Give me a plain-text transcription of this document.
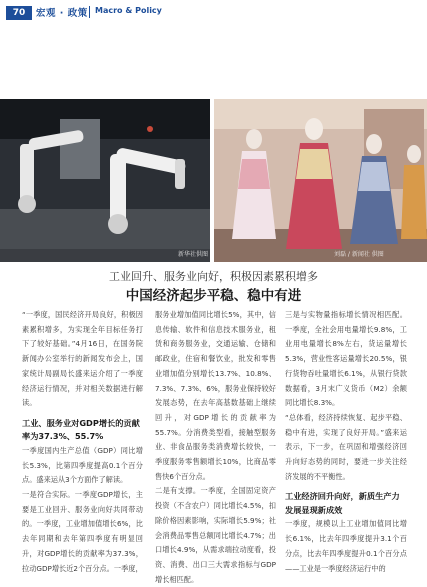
70	宏观 · 政策 Macro & Policy
新华社供图	刘磊 / 新闻社 供图
工业回升、服务业向好，积极因素累积增多
中国经济起步平稳、稳中有进

“一季度，国民经济开局良好，积极因素累积增多，为实现全年目标任务打下了较好基础。”4月16日，在国务院新闻办公室举行的新闻发布会上，国家统计局副局长盛来运介绍了一季度经济运行情况，并对相关数据进行解读。

工业、服务业对GDP增长的贡献率为37.3%、55.7%

一季度国内生产总值（GDP）同比增长5.3%，比第四季度提高0.1个百分点。盛来运从3个方面作了解读。

一是符合实际。一季度GDP增长，主要是工业回升、服务业向好共同带动的。一季度，工业增加值增长6%，比去年同期和去年第四季度有明显回升，对GDP增长的贡献率为37.3%，拉动GDP增长近2个百分点。一季度，

服务业增加值同比增长5%，其中，信息传输、软件和信息技术服务业，租赁和商务服务业，交通运输、仓储和邮政业，住宿和餐饮业，批发和零售业增加值分别增长13.7%、10.8%、7.3%、7.3%、6%，服务业保持较好发展态势，在去年高基数基础上继续回升，对GDP增长的贡献率为55.7%。分消费类型看，接触型服务业、非食品服务类消费增长较快，一季度服务零售额增长10%，比商品零售快6个百分点。

二是有支撑。一季度，全国固定资产投资（不含农户）同比增长4.5%，扣除价格因素影响，实际增长5.9%；社会消费品零售总额同比增长4.7%；出口增长4.9%，从需求端拉动度看，投资、消费、出口三大需求指标与GDP增长相匹配。

三是与实物量指标增长情况相匹配。一季度，全社会用电量增长9.8%，工业用电量增长8%左右，货运量增长5.3%，营业性客运量增长20.5%，银行货物吞吐量增长6.1%，从银行贷款数据看，3月末广义货币（M2）余额同比增长8.3%。

“总体看，经济持续恢复、起步平稳、稳中有进，实现了良好开局。”盛来运表示，下一步，在巩固和增强经济回升向好态势的同时，要进一步关注经济发展的不平衡性。

工业经济回升向好，新质生产力发展显现新成效

一季度，规模以上工业增加值同比增长6.1%，比去年四季度提升3.1个百分点，比去年四季度提升0.1个百分点——工业是一季度经济运行中的
